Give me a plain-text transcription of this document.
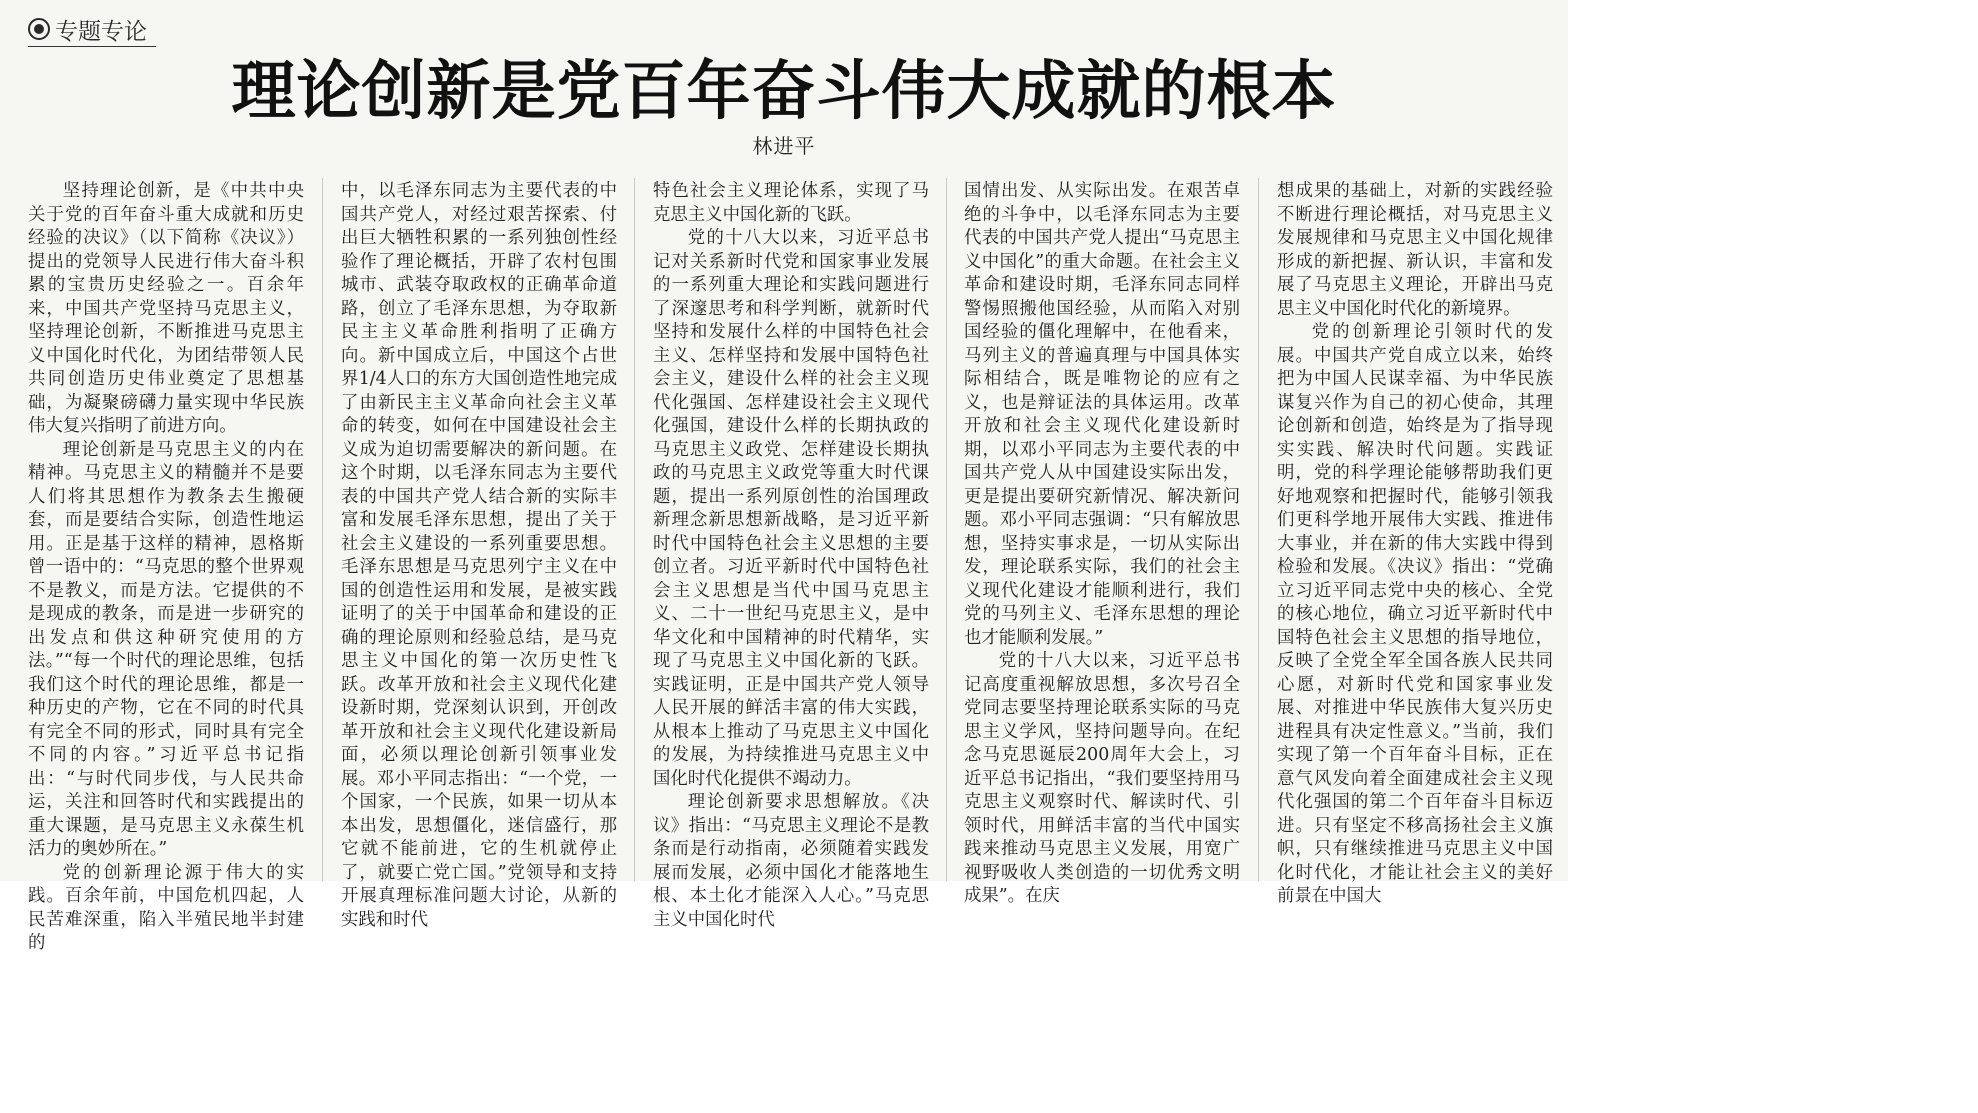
专题专论
理论创新是党百年奋斗伟大成就的根本
林进平

坚持理论创新，是《中共中央关于党的百年奋斗重大成就和历史经验的决议》（以下简称《决议》）提出的党领导人民进行伟大奋斗积累的宝贵历史经验之一。百余年来，中国共产党坚持马克思主义，坚持理论创新，不断推进马克思主义中国化时代化，为团结带领人民共同创造历史伟业奠定了思想基础，为凝聚磅礴力量实现中华民族伟大复兴指明了前进方向。

理论创新是马克思主义的内在精神。马克思主义的精髓并不是要人们将其思想作为教条去生搬硬套，而是要结合实际，创造性地运用。正是基于这样的精神，恩格斯曾一语中的：“马克思的整个世界观不是教义，而是方法。它提供的不是现成的教条，而是进一步研究的出发点和供这种研究使用的方法。”“每一个时代的理论思维，包括我们这个时代的理论思维，都是一种历史的产物，它在不同的时代具有完全不同的形式，同时具有完全不同的内容。”习近平总书记指出：“与时代同步伐，与人民共命运，关注和回答时代和实践提出的重大课题，是马克思主义永葆生机活力的奥妙所在。”

党的创新理论源于伟大的实践。百余年前，中国危机四起，人民苦难深重，陷入半殖民地半封建的

中，以毛泽东同志为主要代表的中国共产党人，对经过艰苦探索、付出巨大牺牲积累的一系列独创性经验作了理论概括，开辟了农村包围城市、武装夺取政权的正确革命道路，创立了毛泽东思想，为夺取新民主主义革命胜利指明了正确方向。新中国成立后，中国这个占世界1/4人口的东方大国创造性地完成了由新民主主义革命向社会主义革命的转变，如何在中国建设社会主义成为迫切需要解决的新问题。在这个时期，以毛泽东同志为主要代表的中国共产党人结合新的实际丰富和发展毛泽东思想，提出了关于社会主义建设的一系列重要思想。毛泽东思想是马克思列宁主义在中国的创造性运用和发展，是被实践证明了的关于中国革命和建设的正确的理论原则和经验总结，是马克思主义中国化的第一次历史性飞跃。改革开放和社会主义现代化建设新时期，党深刻认识到，开创改革开放和社会主义现代化建设新局面，必须以理论创新引领事业发展。邓小平同志指出：“一个党，一个国家，一个民族，如果一切从本本出发，思想僵化，迷信盛行，那它就不能前进，它的生机就停止了，就要亡党亡国。”党领导和支持开展真理标准问题大讨论，从新的实践和时代

特色社会主义理论体系，实现了马克思主义中国化新的飞跃。

党的十八大以来，习近平总书记对关系新时代党和国家事业发展的一系列重大理论和实践问题进行了深邃思考和科学判断，就新时代坚持和发展什么样的中国特色社会主义、怎样坚持和发展中国特色社会主义，建设什么样的社会主义现代化强国、怎样建设社会主义现代化强国，建设什么样的长期执政的马克思主义政党、怎样建设长期执政的马克思主义政党等重大时代课题，提出一系列原创性的治国理政新理念新思想新战略，是习近平新时代中国特色社会主义思想的主要创立者。习近平新时代中国特色社会主义思想是当代中国马克思主义、二十一世纪马克思主义，是中华文化和中国精神的时代精华，实现了马克思主义中国化新的飞跃。实践证明，正是中国共产党人领导人民开展的鲜活丰富的伟大实践，从根本上推动了马克思主义中国化的发展，为持续推进马克思主义中国化时代化提供不竭动力。

理论创新要求思想解放。《决议》指出：“马克思主义理论不是教条而是行动指南，必须随着实践发展而发展，必须中国化才能落地生根、本土化才能深入人心。”马克思主义中国化时代

国情出发、从实际出发。在艰苦卓绝的斗争中，以毛泽东同志为主要代表的中国共产党人提出“马克思主义中国化”的重大命题。在社会主义革命和建设时期，毛泽东同志同样警惕照搬他国经验，从而陷入对别国经验的僵化理解中，在他看来，马列主义的普遍真理与中国具体实际相结合，既是唯物论的应有之义，也是辩证法的具体运用。改革开放和社会主义现代化建设新时期，以邓小平同志为主要代表的中国共产党人从中国建设实际出发，更是提出要研究新情况、解决新问题。邓小平同志强调：“只有解放思想，坚持实事求是，一切从实际出发，理论联系实际，我们的社会主义现代化建设才能顺利进行，我们党的马列主义、毛泽东思想的理论也才能顺利发展。”

党的十八大以来，习近平总书记高度重视解放思想，多次号召全党同志要坚持理论联系实际的马克思主义学风，坚持问题导向。在纪念马克思诞辰200周年大会上，习近平总书记指出，“我们要坚持用马克思主义观察时代、解读时代、引领时代，用鲜活丰富的当代中国实践来推动马克思主义发展，用宽广视野吸收人类创造的一切优秀文明成果”。在庆

想成果的基础上，对新的实践经验不断进行理论概括，对马克思主义发展规律和马克思主义中国化规律形成的新把握、新认识，丰富和发展了马克思主义理论，开辟出马克思主义中国化时代化的新境界。

党的创新理论引领时代的发展。中国共产党自成立以来，始终把为中国人民谋幸福、为中华民族谋复兴作为自己的初心使命，其理论创新和创造，始终是为了指导现实实践、解决时代问题。实践证明，党的科学理论能够帮助我们更好地观察和把握时代，能够引领我们更科学地开展伟大实践、推进伟大事业，并在新的伟大实践中得到检验和发展。《决议》指出：“党确立习近平同志党中央的核心、全党的核心地位，确立习近平新时代中国特色社会主义思想的指导地位，反映了全党全军全国各族人民共同心愿，对新时代党和国家事业发展、对推进中华民族伟大复兴历史进程具有决定性意义。”当前，我们实现了第一个百年奋斗目标，正在意气风发向着全面建成社会主义现代化强国的第二个百年奋斗目标迈进。只有坚定不移高扬社会主义旗帜，只有继续推进马克思主义中国化时代化，才能让社会主义的美好前景在中国大
